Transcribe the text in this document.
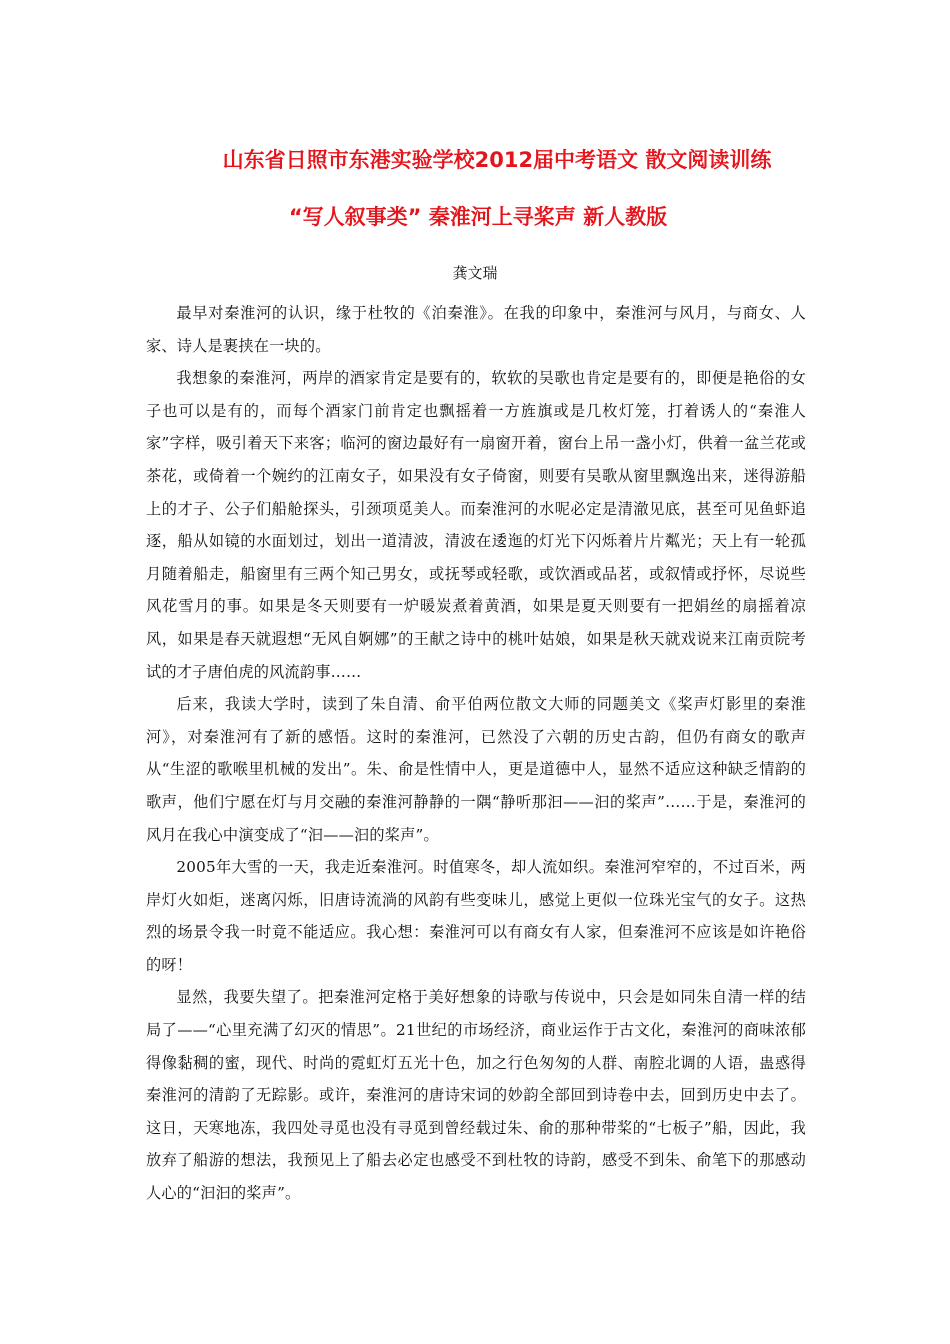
山东省日照市东港实验学校2012届中考语文 散文阅读训练
“写人叙事类” 秦淮河上寻桨声 新人教版
龚文瑞

最早对秦淮河的认识，缘于杜牧的《泊秦淮》。在我的印象中，秦淮河与风月，与商女、人家、诗人是裹挟在一块的。

我想象的秦淮河，两岸的酒家肯定是要有的，软软的吴歌也肯定是要有的，即便是艳俗的女子也可以是有的，而每个酒家门前肯定也飘摇着一方旌旗或是几枚灯笼，打着诱人的“秦淮人家”字样，吸引着天下来客；临河的窗边最好有一扇窗开着，窗台上吊一盏小灯，供着一盆兰花或茶花，或倚着一个婉约的江南女子，如果没有女子倚窗，则要有吴歌从窗里飘逸出来，迷得游船上的才子、公子们船舱探头，引颈项觅美人。而秦淮河的水呢必定是清澈见底，甚至可见鱼虾追逐，船从如镜的水面划过，划出一道清波，清波在逶迤的灯光下闪烁着片片粼光；天上有一轮孤月随着船走，船窗里有三两个知己男女，或抚琴或轻歌，或饮酒或品茗，或叙情或抒怀，尽说些风花雪月的事。如果是冬天则要有一炉暖炭煮着黄酒，如果是夏天则要有一把娟丝的扇摇着凉风，如果是春天就遐想“无风自婀娜”的王献之诗中的桃叶姑娘，如果是秋天就戏说来江南贡院考试的才子唐伯虎的风流韵事……

后来，我读大学时，读到了朱自清、俞平伯两位散文大师的同题美文《桨声灯影里的秦淮河》，对秦淮河有了新的感悟。这时的秦淮河，已然没了六朝的历史古韵，但仍有商女的歌声从“生涩的歌喉里机械的发出”。朱、俞是性情中人，更是道德中人，显然不适应这种缺乏情韵的歌声，他们宁愿在灯与月交融的秦淮河静静的一隅“静听那汩——汩的桨声”……于是，秦淮河的风月在我心中演变成了“汩——汩的桨声”。

2005年大雪的一天，我走近秦淮河。时值寒冬，却人流如织。秦淮河窄窄的，不过百米，两岸灯火如炬，迷离闪烁，旧唐诗流淌的风韵有些变味儿，感觉上更似一位珠光宝气的女子。这热烈的场景令我一时竟不能适应。我心想：秦淮河可以有商女有人家，但秦淮河不应该是如许艳俗的呀！

显然，我要失望了。把秦淮河定格于美好想象的诗歌与传说中，只会是如同朱自清一样的结局了——“心里充满了幻灭的情思”。21世纪的市场经济，商业运作于古文化，秦淮河的商味浓郁得像黏稠的蜜，现代、时尚的霓虹灯五光十色，加之行色匆匆的人群、南腔北调的人语，蛊惑得秦淮河的清韵了无踪影。或许，秦淮河的唐诗宋词的妙韵全部回到诗卷中去，回到历史中去了。这日，天寒地冻，我四处寻觅也没有寻觅到曾经载过朱、俞的那种带桨的“七板子”船，因此，我放弃了船游的想法，我预见上了船去必定也感受不到杜牧的诗韵，感受不到朱、俞笔下的那感动人心的“汩汩的桨声”。
